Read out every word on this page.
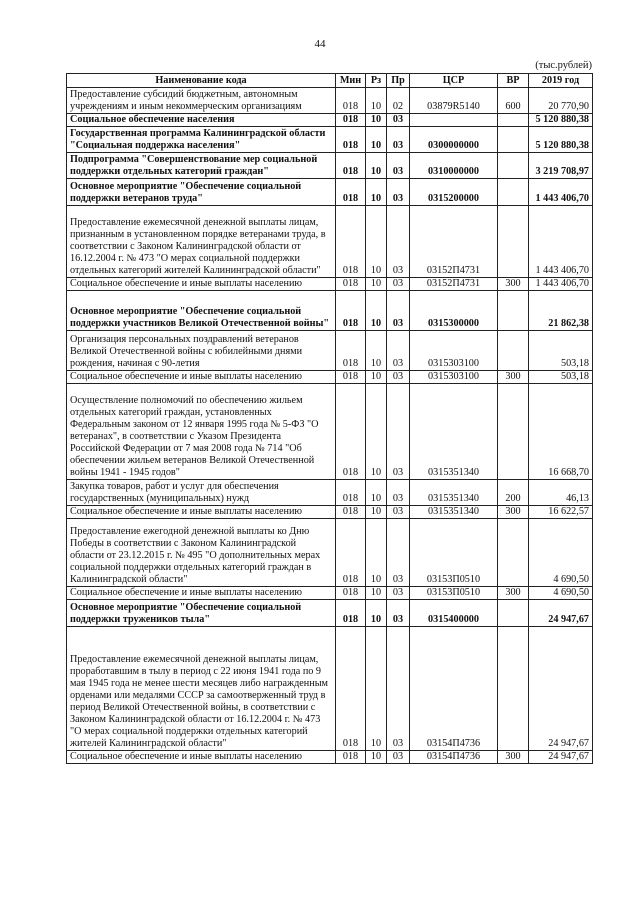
44
(тыс.рублей)
Наименование кода	Мин	Рз	Пр	ЦСР	ВР	2019 год
Предоставление субсидий бюджетным, автономным учреждениям и иным некоммерческим организациям	018	10	02	03879R5140	600	20 770,90
Социальное обеспечение населения	018	10	03			5 120 880,38
Государственная программа Калининградской области "Социальная поддержка населения"	018	10	03	0300000000		5 120 880,38
Подпрограмма "Совершенствование мер социальной поддержки отдельных категорий граждан"	018	10	03	0310000000		3 219 708,97
Основное мероприятие "Обеспечение социальной поддержки ветеранов труда"	018	10	03	0315200000		1 443 406,70
Предоставление ежемесячной денежной выплаты лицам, признанным в установленном порядке ветеранами труда, в соответствии с Законом Калининградской области от 16.12.2004 г. № 473 "О мерах социальной поддержки отдельных категорий жителей Калининградской области"	018	10	03	03152П4731		1 443 406,70
Социальное обеспечение и иные выплаты населению	018	10	03	03152П4731	300	1 443 406,70
Основное мероприятие "Обеспечение социальной поддержки участников Великой Отечественной войны"	018	10	03	0315300000		21 862,38
Организация персональных поздравлений ветеранов Великой Отечественной войны с юбилейными днями рождения, начиная с 90-летия	018	10	03	0315303100		503,18
Социальное обеспечение и иные выплаты населению	018	10	03	0315303100	300	503,18
Осуществление полномочий по обеспечению жильем отдельных категорий граждан, установленных Федеральным законом от 12 января 1995 года № 5-ФЗ "О ветеранах", в соответствии с Указом Президента Российской Федерации от 7 мая 2008 года № 714 "Об обеспечении жильем ветеранов Великой Отечественной войны 1941 - 1945 годов"	018	10	03	0315351340		16 668,70
Закупка товаров, работ и услуг для обеспечения государственных (муниципальных) нужд	018	10	03	0315351340	200	46,13
Социальное обеспечение и иные выплаты населению	018	10	03	0315351340	300	16 622,57
Предоставление ежегодной денежной выплаты ко Дню Победы в соответствии с Законом Калининградской области от 23.12.2015 г. № 495 "О дополнительных мерах социальной поддержки отдельных категорий граждан в Калининградской области"	018	10	03	03153П0510		4 690,50
Социальное обеспечение и иные выплаты населению	018	10	03	03153П0510	300	4 690,50
Основное мероприятие "Обеспечение социальной поддержки тружеников тыла"	018	10	03	0315400000		24 947,67
Предоставление ежемесячной денежной выплаты лицам, проработавшим в тылу в период с 22 июня 1941 года по 9 мая 1945 года не менее шести месяцев либо награжденным орденами или медалями СССР за самоотверженный труд в период Великой Отечественной войны, в соответствии с Законом Калининградской области от 16.12.2004 г. № 473 "О мерах социальной поддержки отдельных категорий жителей Калининградской области"	018	10	03	03154П4736		24 947,67
Социальное обеспечение и иные выплаты населению	018	10	03	03154П4736	300	24 947,67
